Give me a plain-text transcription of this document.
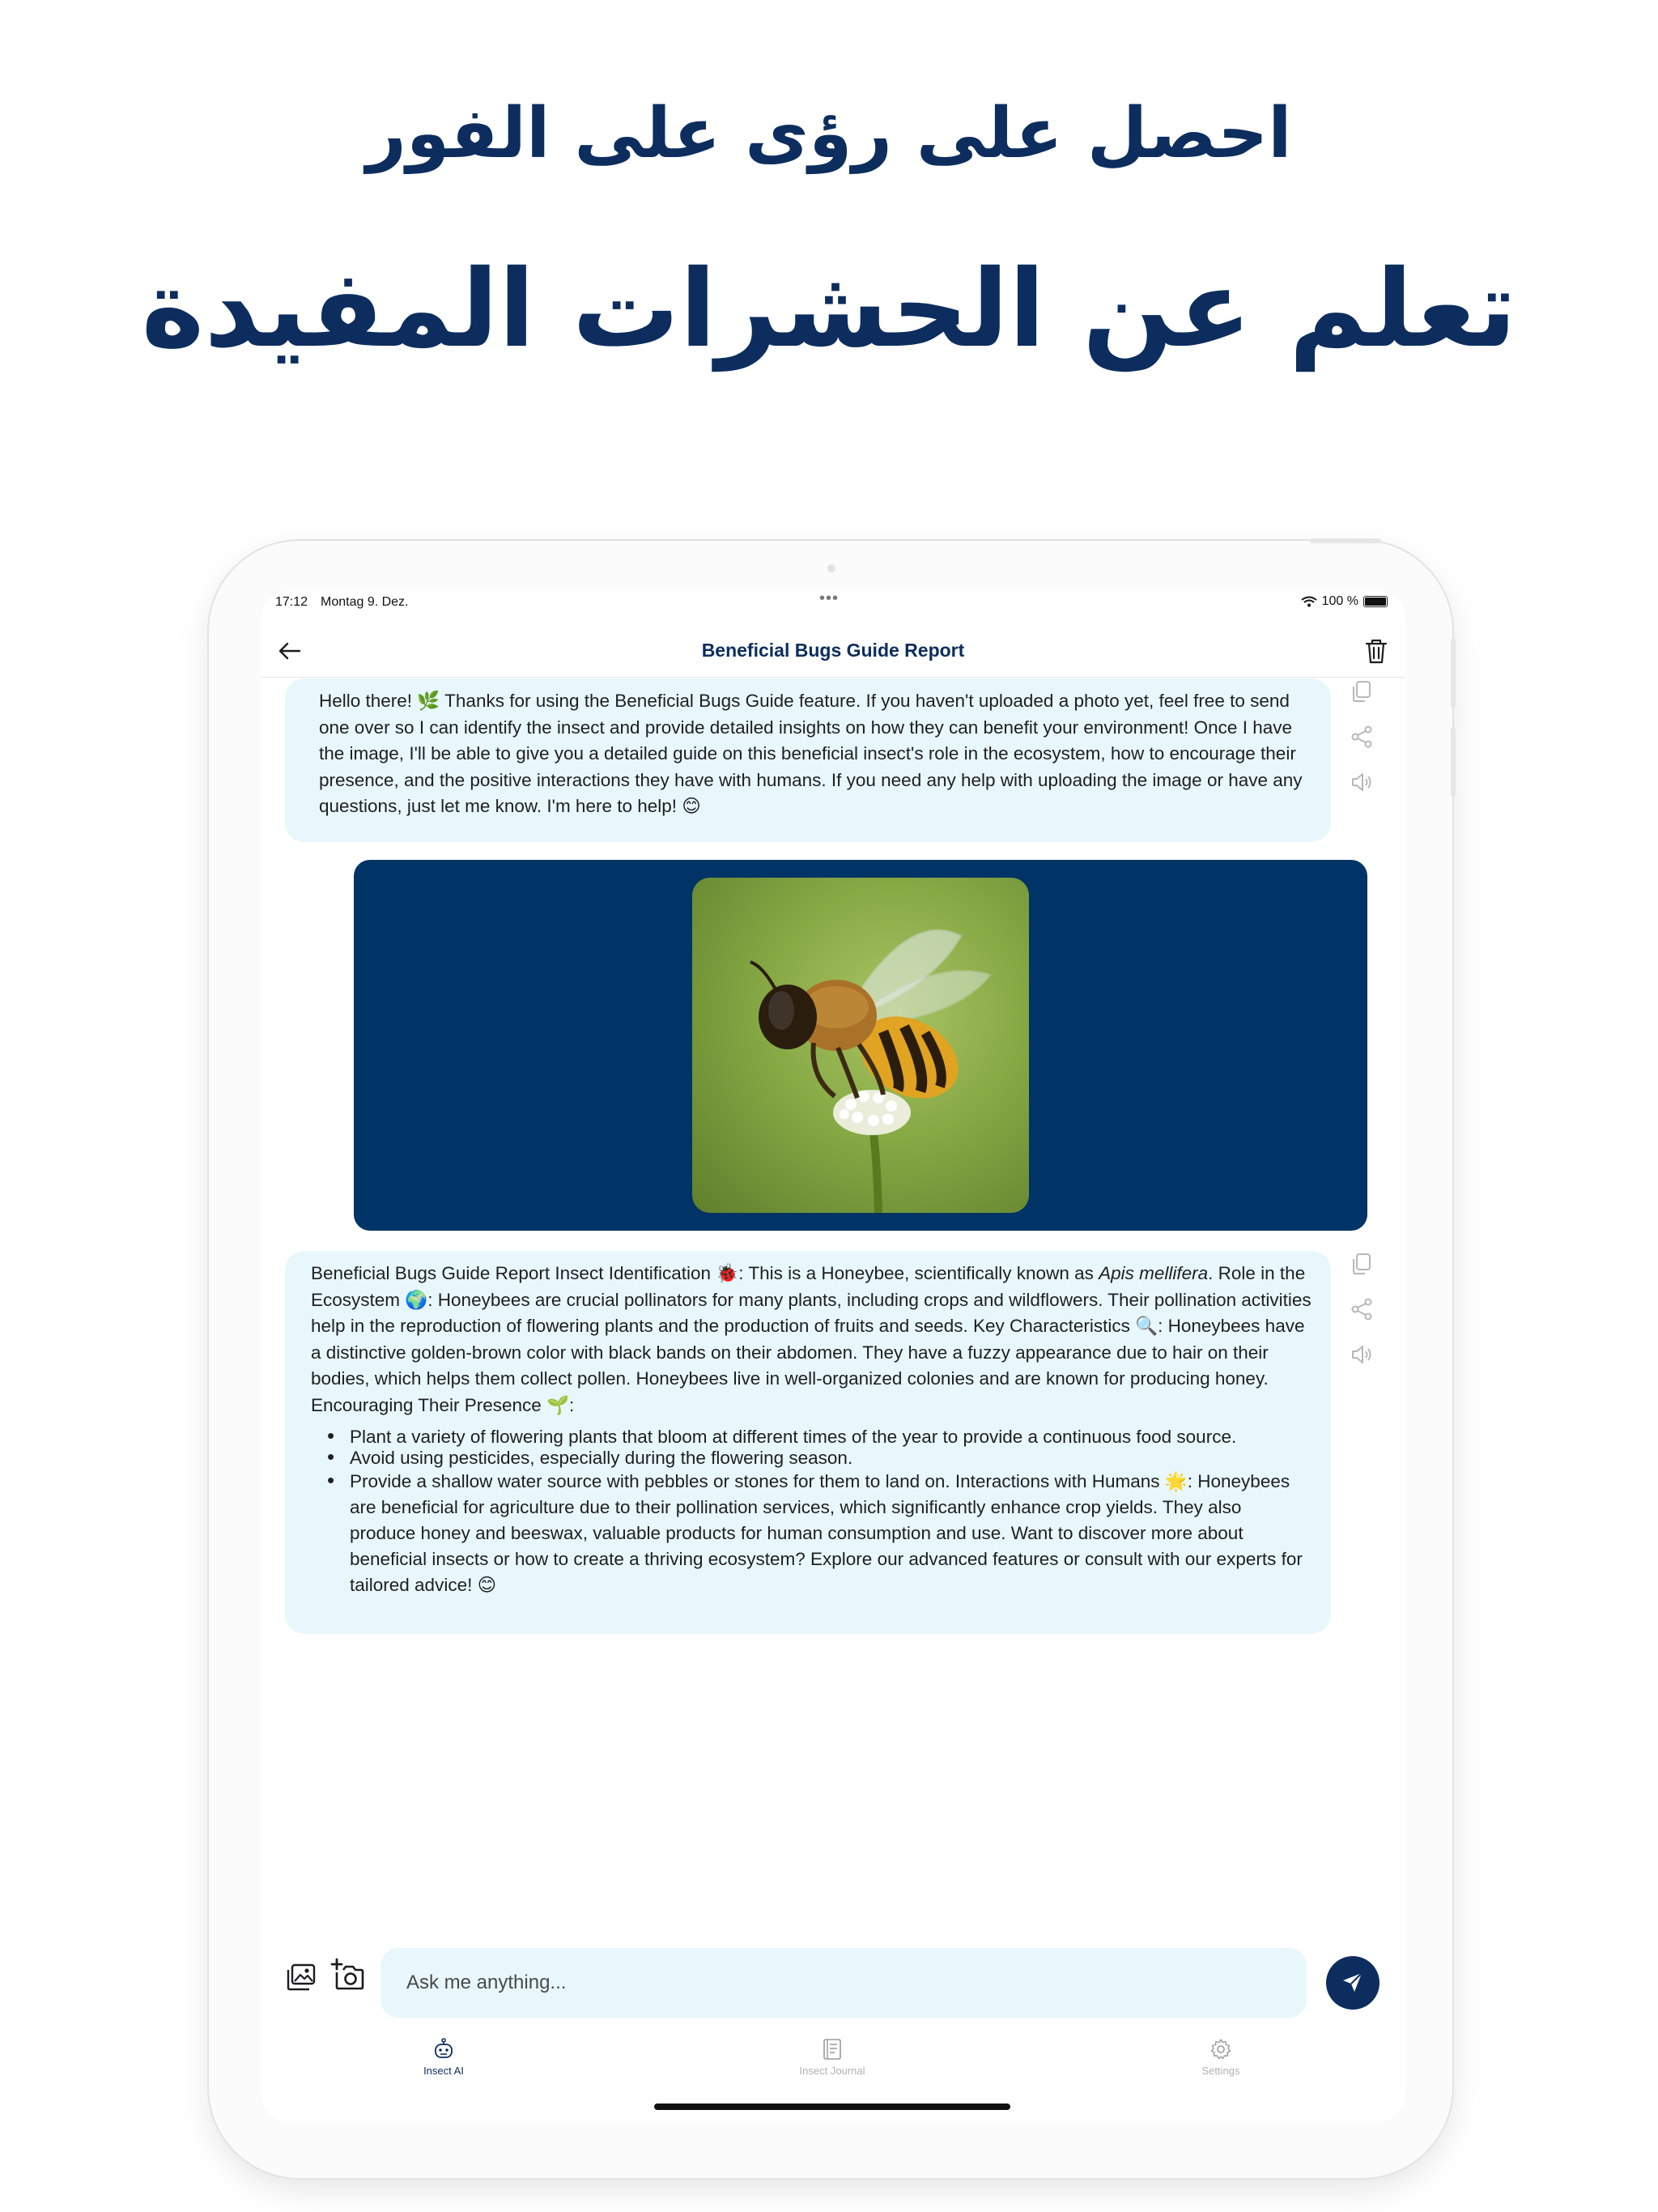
احصل على رؤى على الفور
تعلم عن الحشرات المفيدة
17:12 Montag 9. Dez.	•••	100 %
Beneficial Bugs Guide Report
Hello there! 🌿 Thanks for using the Beneficial Bugs Guide feature. If you haven't uploaded a photo yet, feel free to send one over so I can identify the insect and provide detailed insights on how they can benefit your environment! Once I have the image, I'll be able to give you a detailed guide on this beneficial insect's role in the ecosystem, how to encourage their presence, and the positive interactions they have with humans. If you need any help with uploading the image or have any questions, just let me know. I'm here to help! 😊
Beneficial Bugs Guide Report Insect Identification 🐞: This is a Honeybee, scientifically known as Apis mellifera. Role in the Ecosystem 🌍: Honeybees are crucial pollinators for many plants, including crops and wildflowers. Their pollination activities help in the reproduction of flowering plants and the production of fruits and seeds. Key Characteristics 🔍: Honeybees have a distinctive golden-brown color with black bands on their abdomen. They have a fuzzy appearance due to hair on their bodies, which helps them collect pollen. Honeybees live in well-organized colonies and are known for producing honey. Encouraging Their Presence 🌱:
• Plant a variety of flowering plants that bloom at different times of the year to provide a continuous food source.
• Avoid using pesticides, especially during the flowering season.
• Provide a shallow water source with pebbles or stones for them to land on. Interactions with Humans 🌟: Honeybees are beneficial for agriculture due to their pollination services, which significantly enhance crop yields. They also produce honey and beeswax, valuable products for human consumption and use. Want to discover more about beneficial insects or how to create a thriving ecosystem? Explore our advanced features or consult with our experts for tailored advice! 😊
Ask me anything...
Insect AI	Insect Journal	Settings
